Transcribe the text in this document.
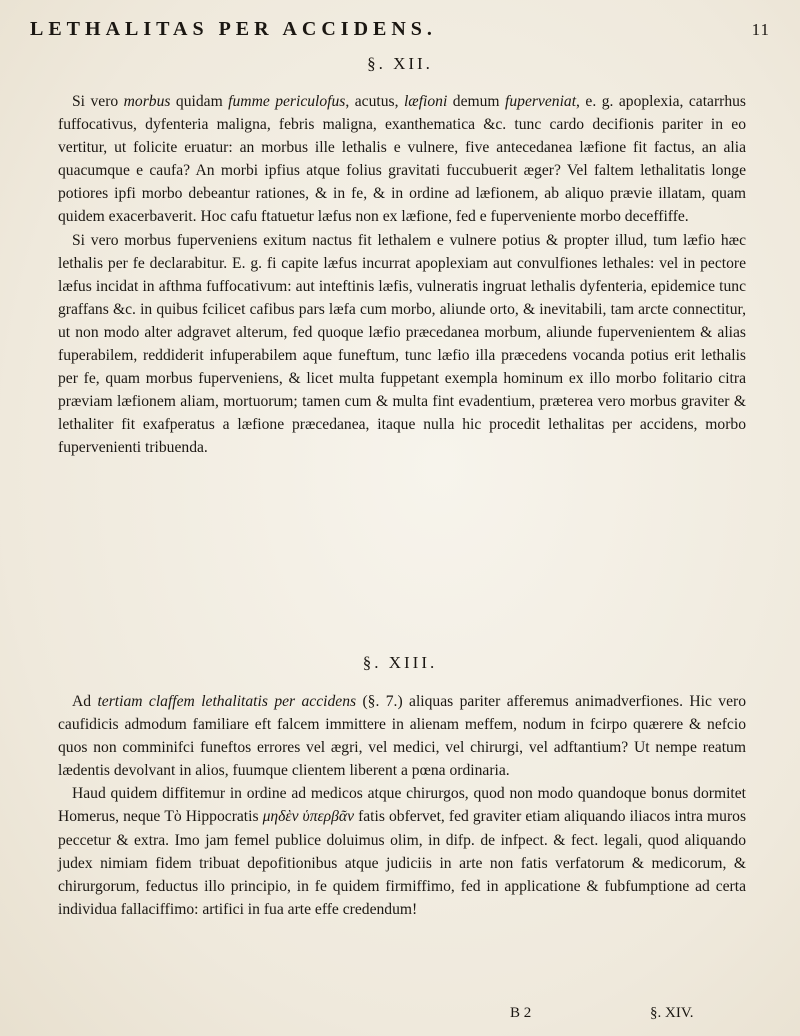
LETHALITAS PER ACCIDENS.	11
§. XII.

Si vero morbus quidam fumme periculofus, acutus, læfioni demum fuperveniat, e. g. apoplexia, catarrhus fuffocativus, dyfenteria maligna, febris maligna, exanthematica &c. tunc cardo decifionis pariter in eo vertitur, ut folicite eruatur: an morbus ille lethalis e vulnere, five antecedanea læfione fit factus, an alia quacumque e caufa? An morbi ipfius atque folius gravitati fuccubuerit æger? Vel faltem lethalitatis longe potiores ipfi morbo debeantur rationes, & in fe, & in ordine ad læfionem, ab aliquo prævie illatam, quam quidem exacerbaverit. Hoc cafu ftatuetur læfus non ex læfione, fed e fuperveniente morbo deceffiffe.

Si vero morbus fuperveniens exitum nactus fit lethalem e vulnere potius & propter illud, tum læfio hæc lethalis per fe declarabitur. E. g. fi capite læfus incurrat apoplexiam aut convulfiones lethales: vel in pectore læfus incidat in afthma fuffocativum: aut inteftinis læfis, vulneratis ingruat lethalis dyfenteria, epidemice tunc graffans &c. in quibus fcilicet cafibus pars læfa cum morbo, aliunde orto, & inevitabili, tam arcte connectitur, ut non modo alter adgravet alterum, fed quoque læfio præcedanea morbum, aliunde fupervenientem & alias fuperabilem, reddiderit infuperabilem aque funeftum, tunc læfio illa præcedens vocanda potius erit lethalis per fe, quam morbus fuperveniens, & licet multa fuppetant exempla hominum ex illo morbo folitario citra præviam læfionem aliam, mortuorum; tamen cum & multa fint evadentium, præterea vero morbus graviter & lethaliter fit exafperatus a læfione præcedanea, itaque nulla hic procedit lethalitas per accidens, morbo fupervenienti tribuenda.

§. XIII.

Ad tertiam claffem lethalitatis per accidens (§. 7.) aliquas pariter afferemus animadverfiones. Hic vero caufidicis admodum familiare eft falcem immittere in alienam meffem, nodum in fcirpo quærere & nefcio quos non comminifci funeftos errores vel ægri, vel medici, vel chirurgi, vel adftantium? Ut nempe reatum lædentis devolvant in alios, fuumque clientem liberent a pœna ordinaria.

Haud quidem diffitemur in ordine ad medicos atque chirurgos, quod non modo quandoque bonus dormitet Homerus, neque Τὸ Hippocratis μηδὲν ὑπερβᾶν fatis obfervet, fed graviter etiam aliquando iliacos intra muros peccetur & extra. Imo jam femel publice doluimus olim, in difp. de infpect. & fect. legali, quod aliquando judex nimiam fidem tribuat depofitionibus atque judiciis in arte non fatis verfatorum & medicorum, & chirurgorum, feductus illo principio, in fe quidem firmiffimo, fed in applicatione & fubfumptione ad certa individua fallaciffimo: artifici in fua arte effe credendum!

B 2	§. XIV.
